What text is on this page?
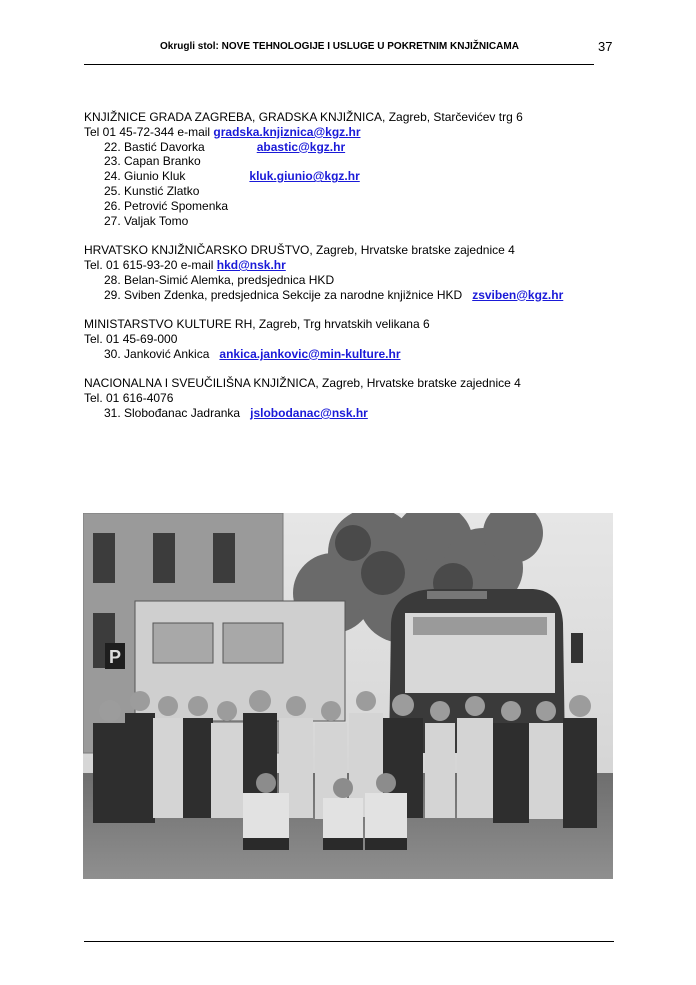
Okrugli stol: NOVE TEHNOLOGIJE I USLUGE U POKRETNIM KNJIŽNICAMA	37
KNJIŽNICE GRADA ZAGREBA, GRADSKA KNJIŽNICA, Zagreb, Starčevićev trg 6
Tel 01 45-72-344 e-mail gradska.knjiznica@kgz.hr
22. Bastić Davorka	abastic@kgz.hr
23. Capan Branko
24. Giunio Kluk	kluk.giunio@kgz.hr
25. Kunstić Zlatko
26. Petrović Spomenka
27. Valjak Tomo
HRVATSKO KNJIŽNIČARSKO DRUŠTVO, Zagreb, Hrvatske bratske zajednice 4
Tel. 01 615-93-20 e-mail hkd@nsk.hr
28. Belan-Simić Alemka, predsjednica HKD
29. Sviben Zdenka, predsjednica Sekcije za narodne knjižnice HKD zsviben@kgz.hr
MINISTARSTVO KULTURE RH, Zagreb, Trg hrvatskih velikana 6
Tel. 01 45-69-000
30. Janković Ankica ankica.jankovic@min-kulture.hr
NACIONALNA I SVEUČILIŠNA KNJIŽNICA, Zagreb, Hrvatske bratske zajednice 4
Tel. 01 616-4076
31. Slobođanac Jadranka jslobodanac@nsk.hr
P
